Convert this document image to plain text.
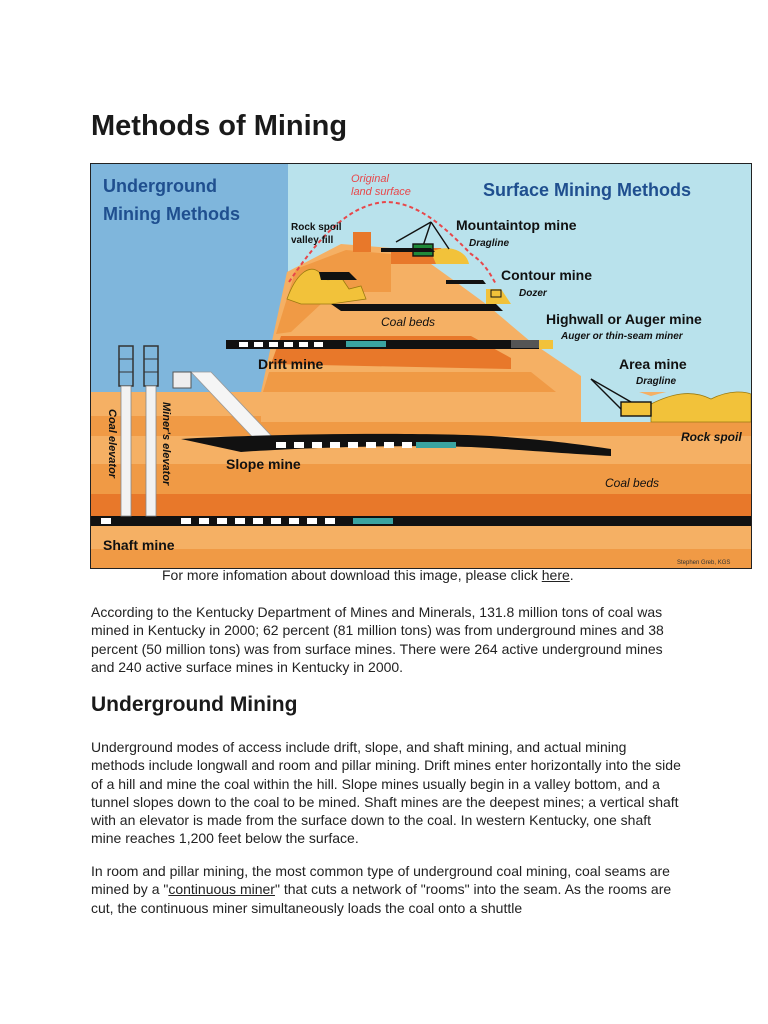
Methods of Mining
Underground
Mining Methods
Surface Mining Methods
Original
land surface
Rock spoil
valley fill
Mountaintop mine
Dragline
Contour mine
Dozer
Highwall or Auger mine
Auger or thin-seam miner
Coal beds
Drift mine	Area mine
Dragline
Rock spoil
Slope mine
Coal beds
Shaft mine
Stephen Greb, KGS
Coal elevator	Miner's elevator
For more infomation about download this image, please click here.

According to the Kentucky Department of Mines and Minerals, 131.8 million tons of coal was mined in Kentucky in 2000; 62 percent (81 million tons) was from underground mines and 38 percent (50 million tons) was from surface mines. There were 264 active underground mines and 240 active surface mines in Kentucky in 2000.

Underground Mining

Underground modes of access include drift, slope, and shaft mining, and actual mining methods include longwall and room and pillar mining. Drift mines enter horizontally into the side of a hill and mine the coal within the hill. Slope mines usually begin in a valley bottom, and a tunnel slopes down to the coal to be mined. Shaft mines are the deepest mines; a vertical shaft with an elevator is made from the surface down to the coal. In western Kentucky, one shaft mine reaches 1,200 feet below the surface.

In room and pillar mining, the most common type of underground coal mining, coal seams are mined by a "continuous miner" that cuts a network of "rooms" into the seam. As the rooms are cut, the continuous miner simultaneously loads the coal onto a shuttle
